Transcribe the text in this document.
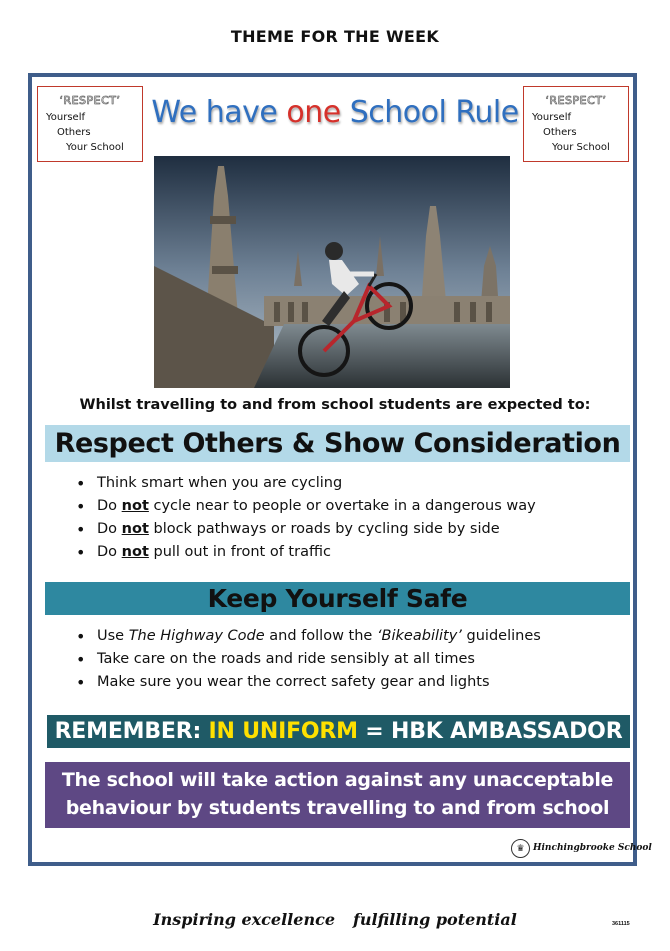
THEME FOR THE WEEK
‘RESPECT’
Yourself
Others
Your School
‘RESPECT’
Yourself
Others
Your School
We have one School Rule
Whilst travelling to and from school students are expected to:
Respect Others & Show Consideration
• Think smart when you are cycling
• Do not cycle near to people or overtake in a dangerous way
• Do not block pathways or roads by cycling side by side
• Do not pull out in front of traffic
Keep Yourself Safe
• Use The Highway Code and follow the ‘Bikeability’ guidelines
• Take care on the roads and ride sensibly at all times
• Make sure you wear the correct safety gear and lights
REMEMBER: IN UNIFORM = HBK AMBASSADOR
The school will take action against any unacceptable
behaviour by students travelling to and from school
♛ Hinchingbrooke School
Inspiring excellence fulfilling potential	361115
